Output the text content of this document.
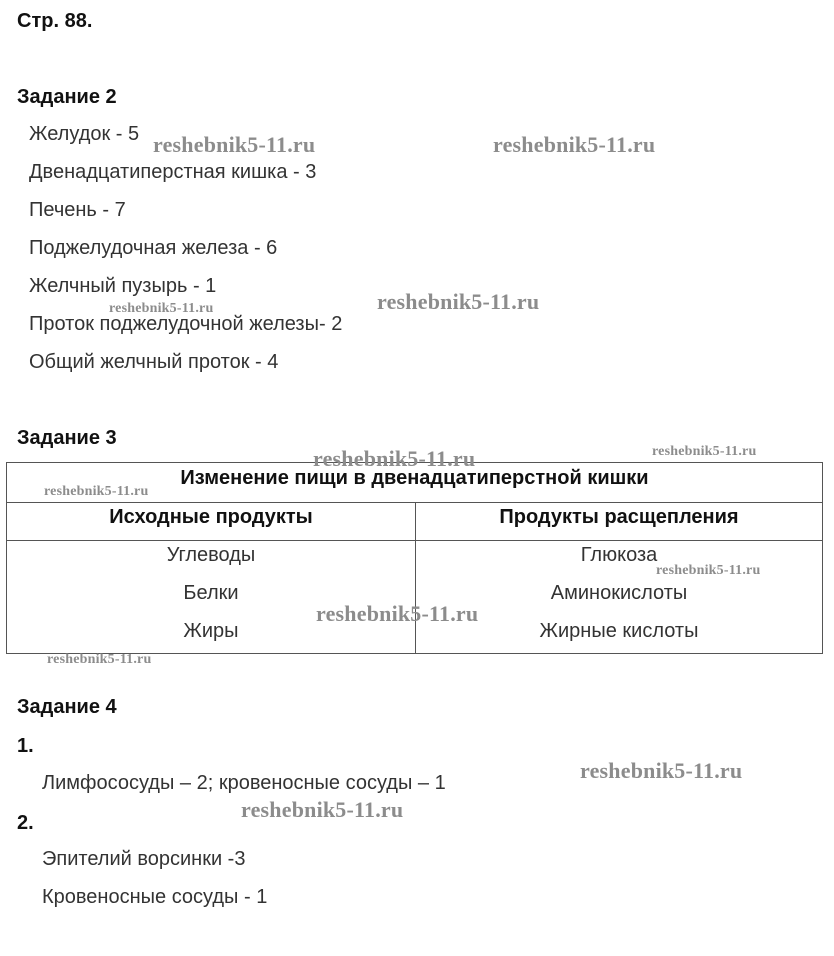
Стр. 88.
Задание 2
Желудок - 5
Двенадцатиперстная кишка - 3
Печень - 7
Поджелудочная железа - 6
Желчный пузырь - 1
Проток поджелудочной железы- 2
Общий желчный проток - 4
Задание 3
Изменение пищи в двенадцатиперстной кишки
Исходные продукты	Продукты расщепления
Углеводы	Глюкоза
Белки	Аминокислоты
Жиры	Жирные кислоты
Задание 4
1.
Лимфососуды – 2; кровеносные сосуды – 1
2.
Эпителий ворсинки -3
Кровеносные сосуды - 1
reshebnik5-11.ru	reshebnik5-11.ru
reshebnik5-11.ru	reshebnik5-11.ru
reshebnik5-11.ru	reshebnik5-11.ru
reshebnik5-11.ru
reshebnik5-11.ru
reshebnik5-11.ru
reshebnik5-11.ru
reshebnik5-11.ru
reshebnik5-11.ru
